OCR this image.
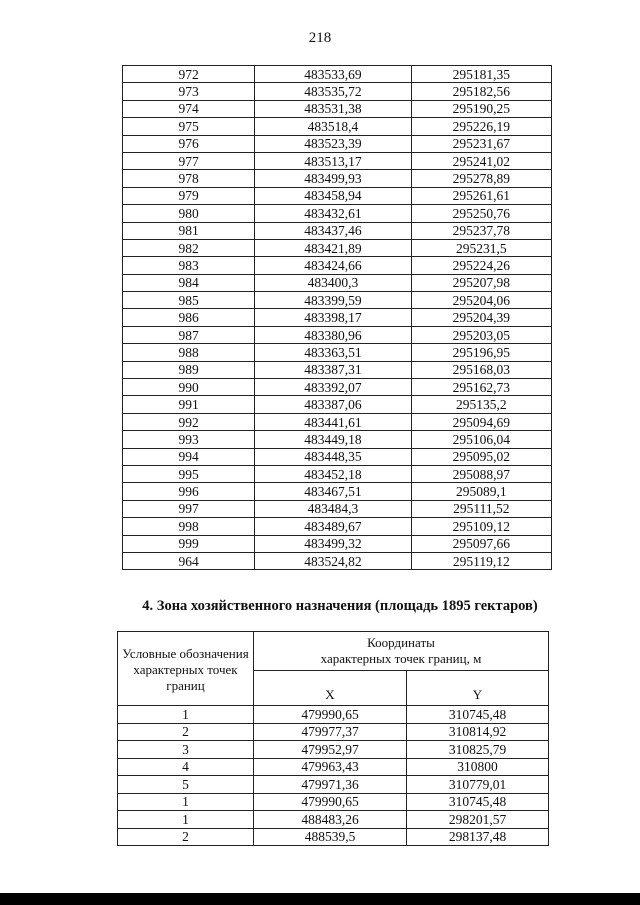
218
972	483533,69	295181,35
973	483535,72	295182,56
974	483531,38	295190,25
975	483518,4	295226,19
976	483523,39	295231,67
977	483513,17	295241,02
978	483499,93	295278,89
979	483458,94	295261,61
980	483432,61	295250,76
981	483437,46	295237,78
982	483421,89	295231,5
983	483424,66	295224,26
984	483400,3	295207,98
985	483399,59	295204,06
986	483398,17	295204,39
987	483380,96	295203,05
988	483363,51	295196,95
989	483387,31	295168,03
990	483392,07	295162,73
991	483387,06	295135,2
992	483441,61	295094,69
993	483449,18	295106,04
994	483448,35	295095,02
995	483452,18	295088,97
996	483467,51	295089,1
997	483484,3	295111,52
998	483489,67	295109,12
999	483499,32	295097,66
964	483524,82	295119,12
4. Зона хозяйственного назначения (площадь 1895 гектаров)
Условные обозначения характерных точек границ	Координаты
характерных точек границ, м	

	X	Y
1	479990,65	310745,48
2	479977,37	310814,92
3	479952,97	310825,79
4	479963,43	310800
5	479971,36	310779,01
1	479990,65	310745,48
1	488483,26	298201,57
2	488539,5	298137,48
